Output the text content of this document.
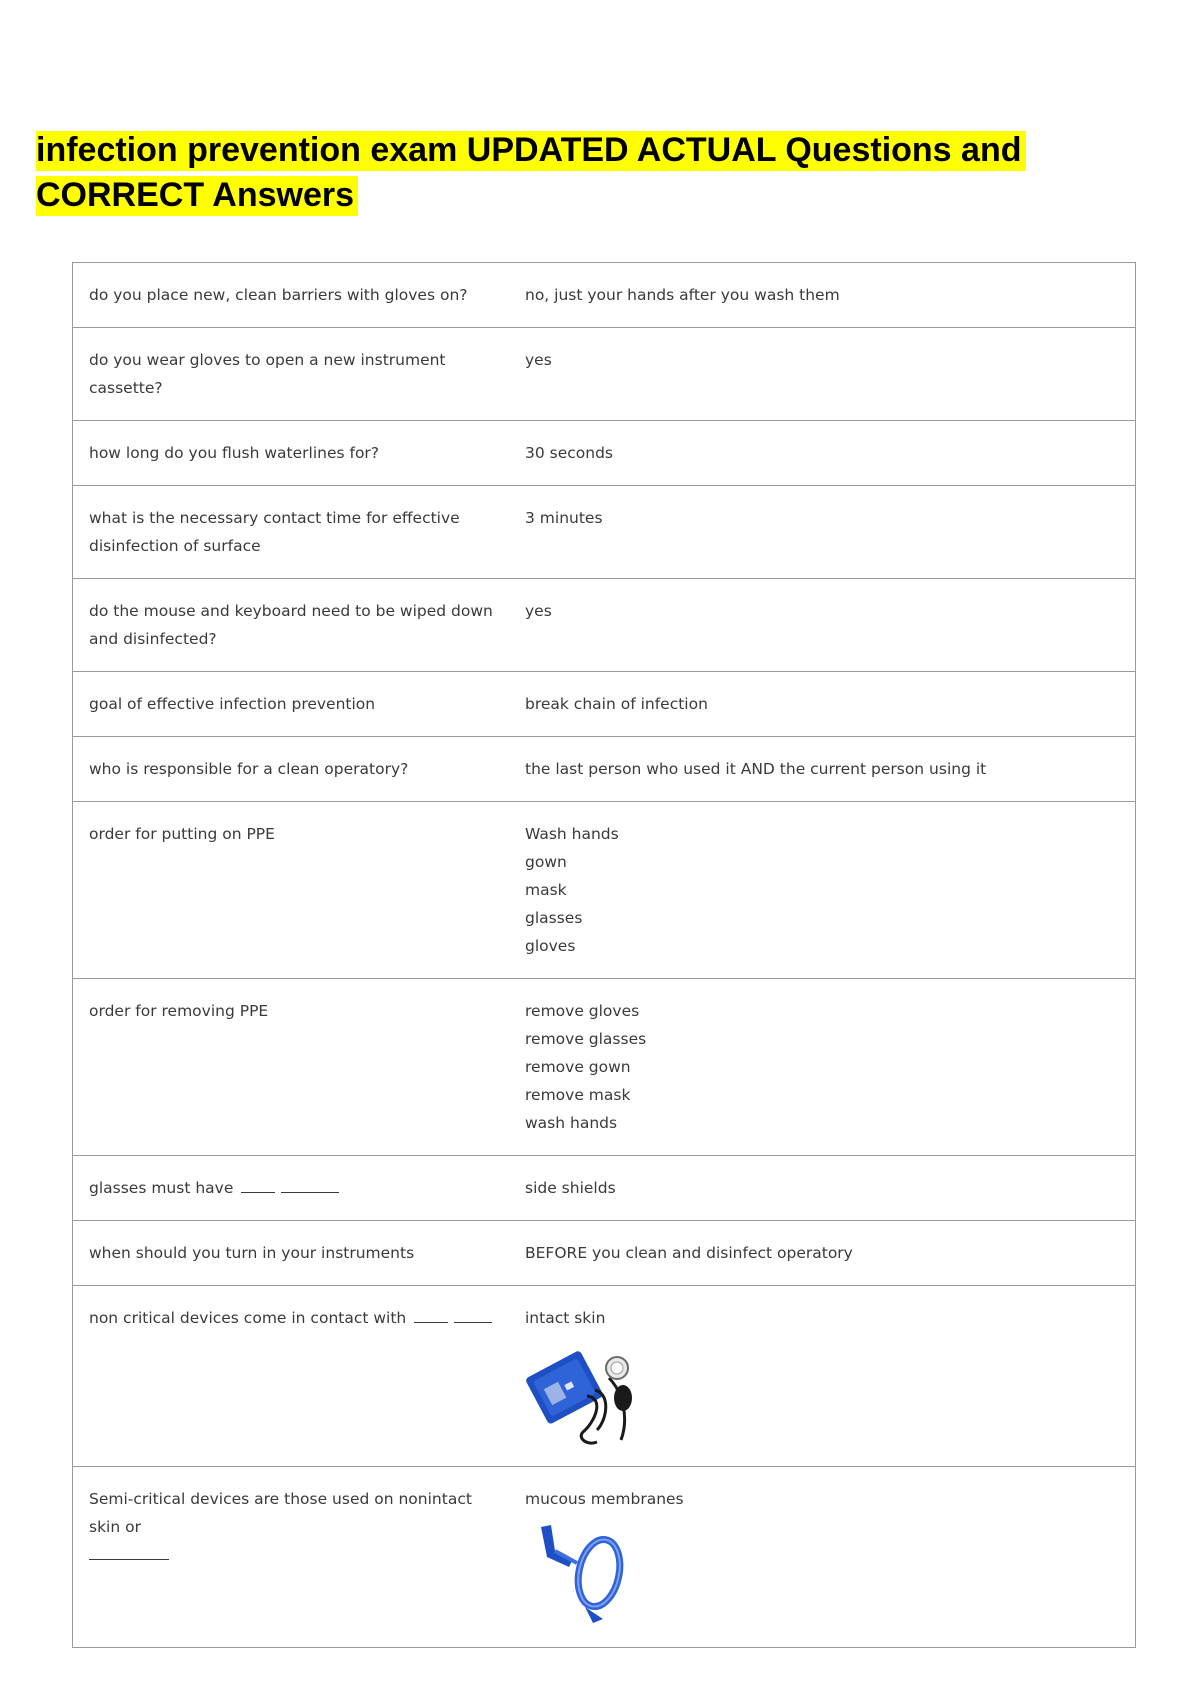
infection prevention exam UPDATED ACTUAL Questions and CORRECT Answers
do you place new, clean barriers with gloves on?	no, just your hands after you wash them
do you wear gloves to open a new instrument cassette?	yes
how long do you flush waterlines for?	30 seconds
what is the necessary contact time for effective disinfection of surface	3 minutes
do the mouse and keyboard need to be wiped down and disinfected?	yes
goal of effective infection prevention	break chain of infection
who is responsible for a clean operatory?	the last person who used it AND the current person using it
order for putting on PPE	Wash hands
gown
mask
glasses
gloves

order for removing PPE	remove gloves
remove glasses
remove gown
remove mask
wash hands

glasses must have	side shields
when should you turn in your instruments	BEFORE you clean and disinfect operatory
non critical devices come in contact with	intact skin

Semi-critical devices are those used on nonintact skin or	mucous membranes
